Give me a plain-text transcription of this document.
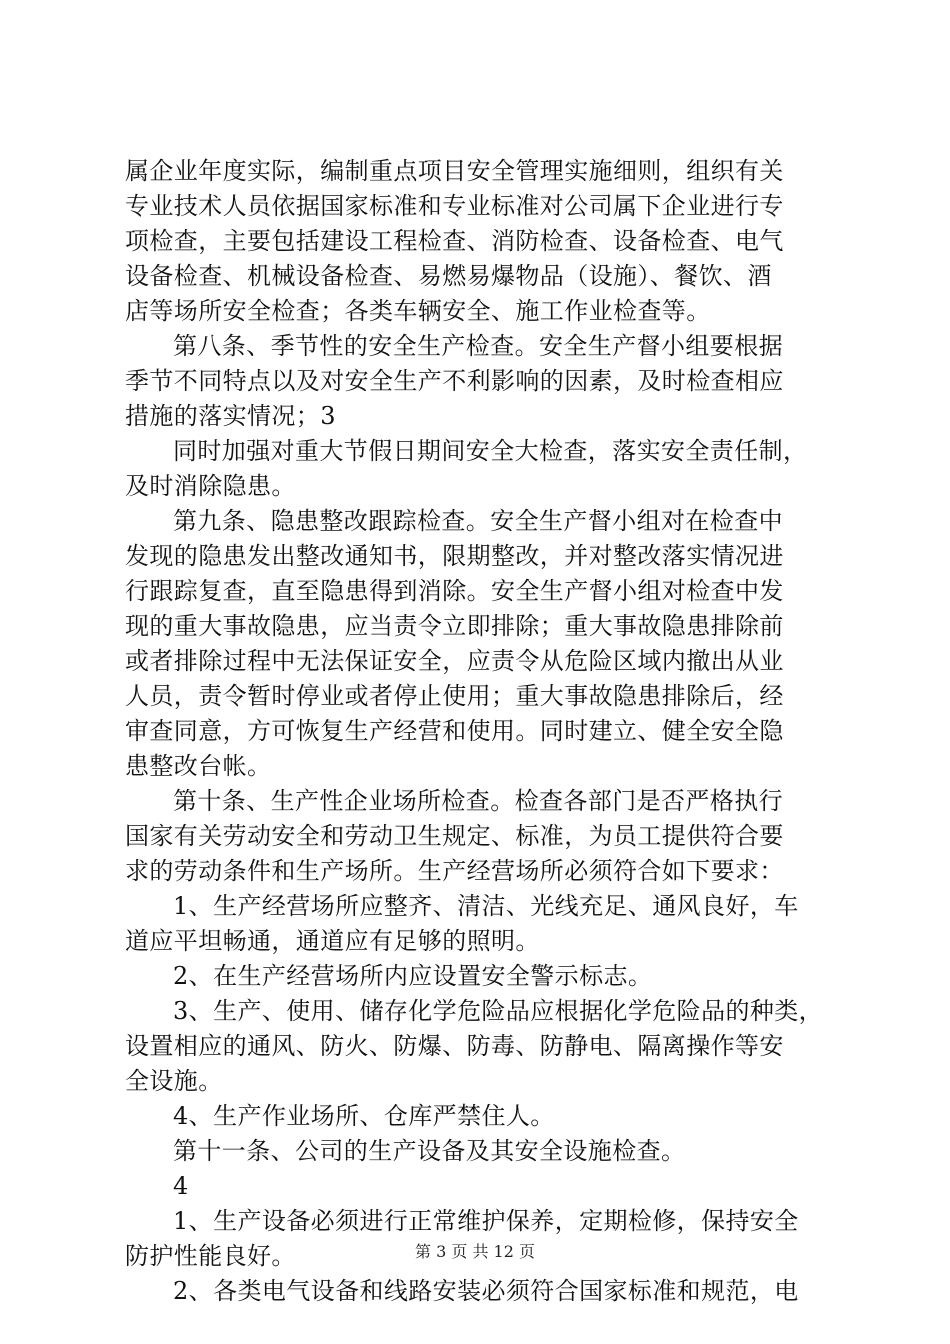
属企业年度实际，编制重点项目安全管理实施细则，组织有关
专业技术人员依据国家标准和专业标准对公司属下企业进行专
项检查，主要包括建设工程检查、消防检查、设备检查、电气
设备检查、机械设备检查、易燃易爆物品（设施）、餐饮、酒
店等场所安全检查；各类车辆安全、施工作业检查等。
第八条、季节性的安全生产检查。安全生产督小组要根据
季节不同特点以及对安全生产不利影响的因素，及时检查相应
措施的落实情况；3
同时加强对重大节假日期间安全大检查，落实安全责任制，
及时消除隐患。
第九条、隐患整改跟踪检查。安全生产督小组对在检查中
发现的隐患发出整改通知书，限期整改，并对整改落实情况进
行跟踪复查，直至隐患得到消除。安全生产督小组对检查中发
现的重大事故隐患，应当责令立即排除；重大事故隐患排除前
或者排除过程中无法保证安全，应责令从危险区域内撤出从业
人员，责令暂时停业或者停止使用；重大事故隐患排除后，经
审查同意，方可恢复生产经营和使用。同时建立、健全安全隐
患整改台帐。
第十条、生产性企业场所检查。检查各部门是否严格执行
国家有关劳动安全和劳动卫生规定、标准，为员工提供符合要
求的劳动条件和生产场所。生产经营场所必须符合如下要求：
1、生产经营场所应整齐、清洁、光线充足、通风良好，车
道应平坦畅通，通道应有足够的照明。
2、在生产经营场所内应设置安全警示标志。
3、生产、使用、储存化学危险品应根据化学危险品的种类，
设置相应的通风、防火、防爆、防毒、防静电、隔离操作等安
全设施。
4、生产作业场所、仓库严禁住人。
第十一条、公司的生产设备及其安全设施检查。
4
1、生产设备必须进行正常维护保养，定期检修，保持安全
防护性能良好。
2、各类电气设备和线路安装必须符合国家标准和规范，电
第 3 页 共 12 页
